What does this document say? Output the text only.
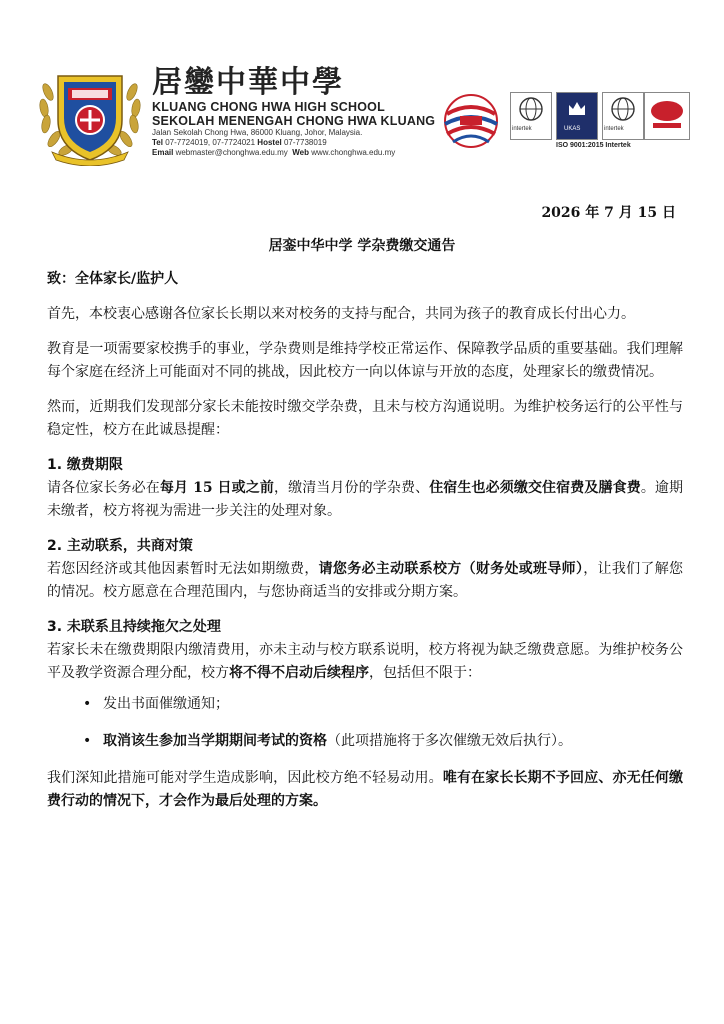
居鑾中華中學
KLUANG CHONG HWA HIGH SCHOOL
SEKOLAH MENENGAH CHONG HWA KLUANG
Jalan Sekolah Chong Hwa, 86000 Kluang, Johor, Malaysia.
Tel 07-7724019, 07-7724021 Hostel 07-7738019
Email webmaster@chonghwa.edu.my Web www.chonghwa.edu.my
intertek	UKAS	intertek
ISO 9001:2015 Intertek
2026 年 7 月 15 日
居銮中华中学 学杂费缴交通告

致：全体家长/监护人

首先，本校衷心感谢各位家长长期以来对校务的支持与配合，共同为孩子的教育成长付出心力。

教育是一项需要家校携手的事业，学杂费则是维持学校正常运作、保障教学品质的重要基础。我们理解每个家庭在经济上可能面对不同的挑战，因此校方一向以体谅与开放的态度，处理家长的缴费情况。

然而，近期我们发现部分家长未能按时缴交学杂费，且未与校方沟通说明。为维护校务运行的公平性与稳定性，校方在此诚恳提醒：

1. 缴费期限

请各位家长务必在每月 15 日或之前，缴清当月份的学杂费、住宿生也必须缴交住宿费及膳食费。逾期未缴者，校方将视为需进一步关注的处理对象。

2. 主动联系，共商对策

若您因经济或其他因素暂时无法如期缴费，请您务必主动联系校方（财务处或班导师），让我们了解您的情况。校方愿意在合理范围内，与您协商适当的安排或分期方案。

3. 未联系且持续拖欠之处理

若家长未在缴费期限内缴清费用，亦未主动与校方联系说明，校方将视为缺乏缴费意愿。为维护校务公平及教学资源合理分配，校方将不得不启动后续程序，包括但不限于：

• 发出书面催缴通知；
• 取消该生参加当学期期间考试的资格（此项措施将于多次催缴无效后执行）。

我们深知此措施可能对学生造成影响，因此校方绝不轻易动用。唯有在家长长期不予回应、亦无任何缴费行动的情况下，才会作为最后处理的方案。
